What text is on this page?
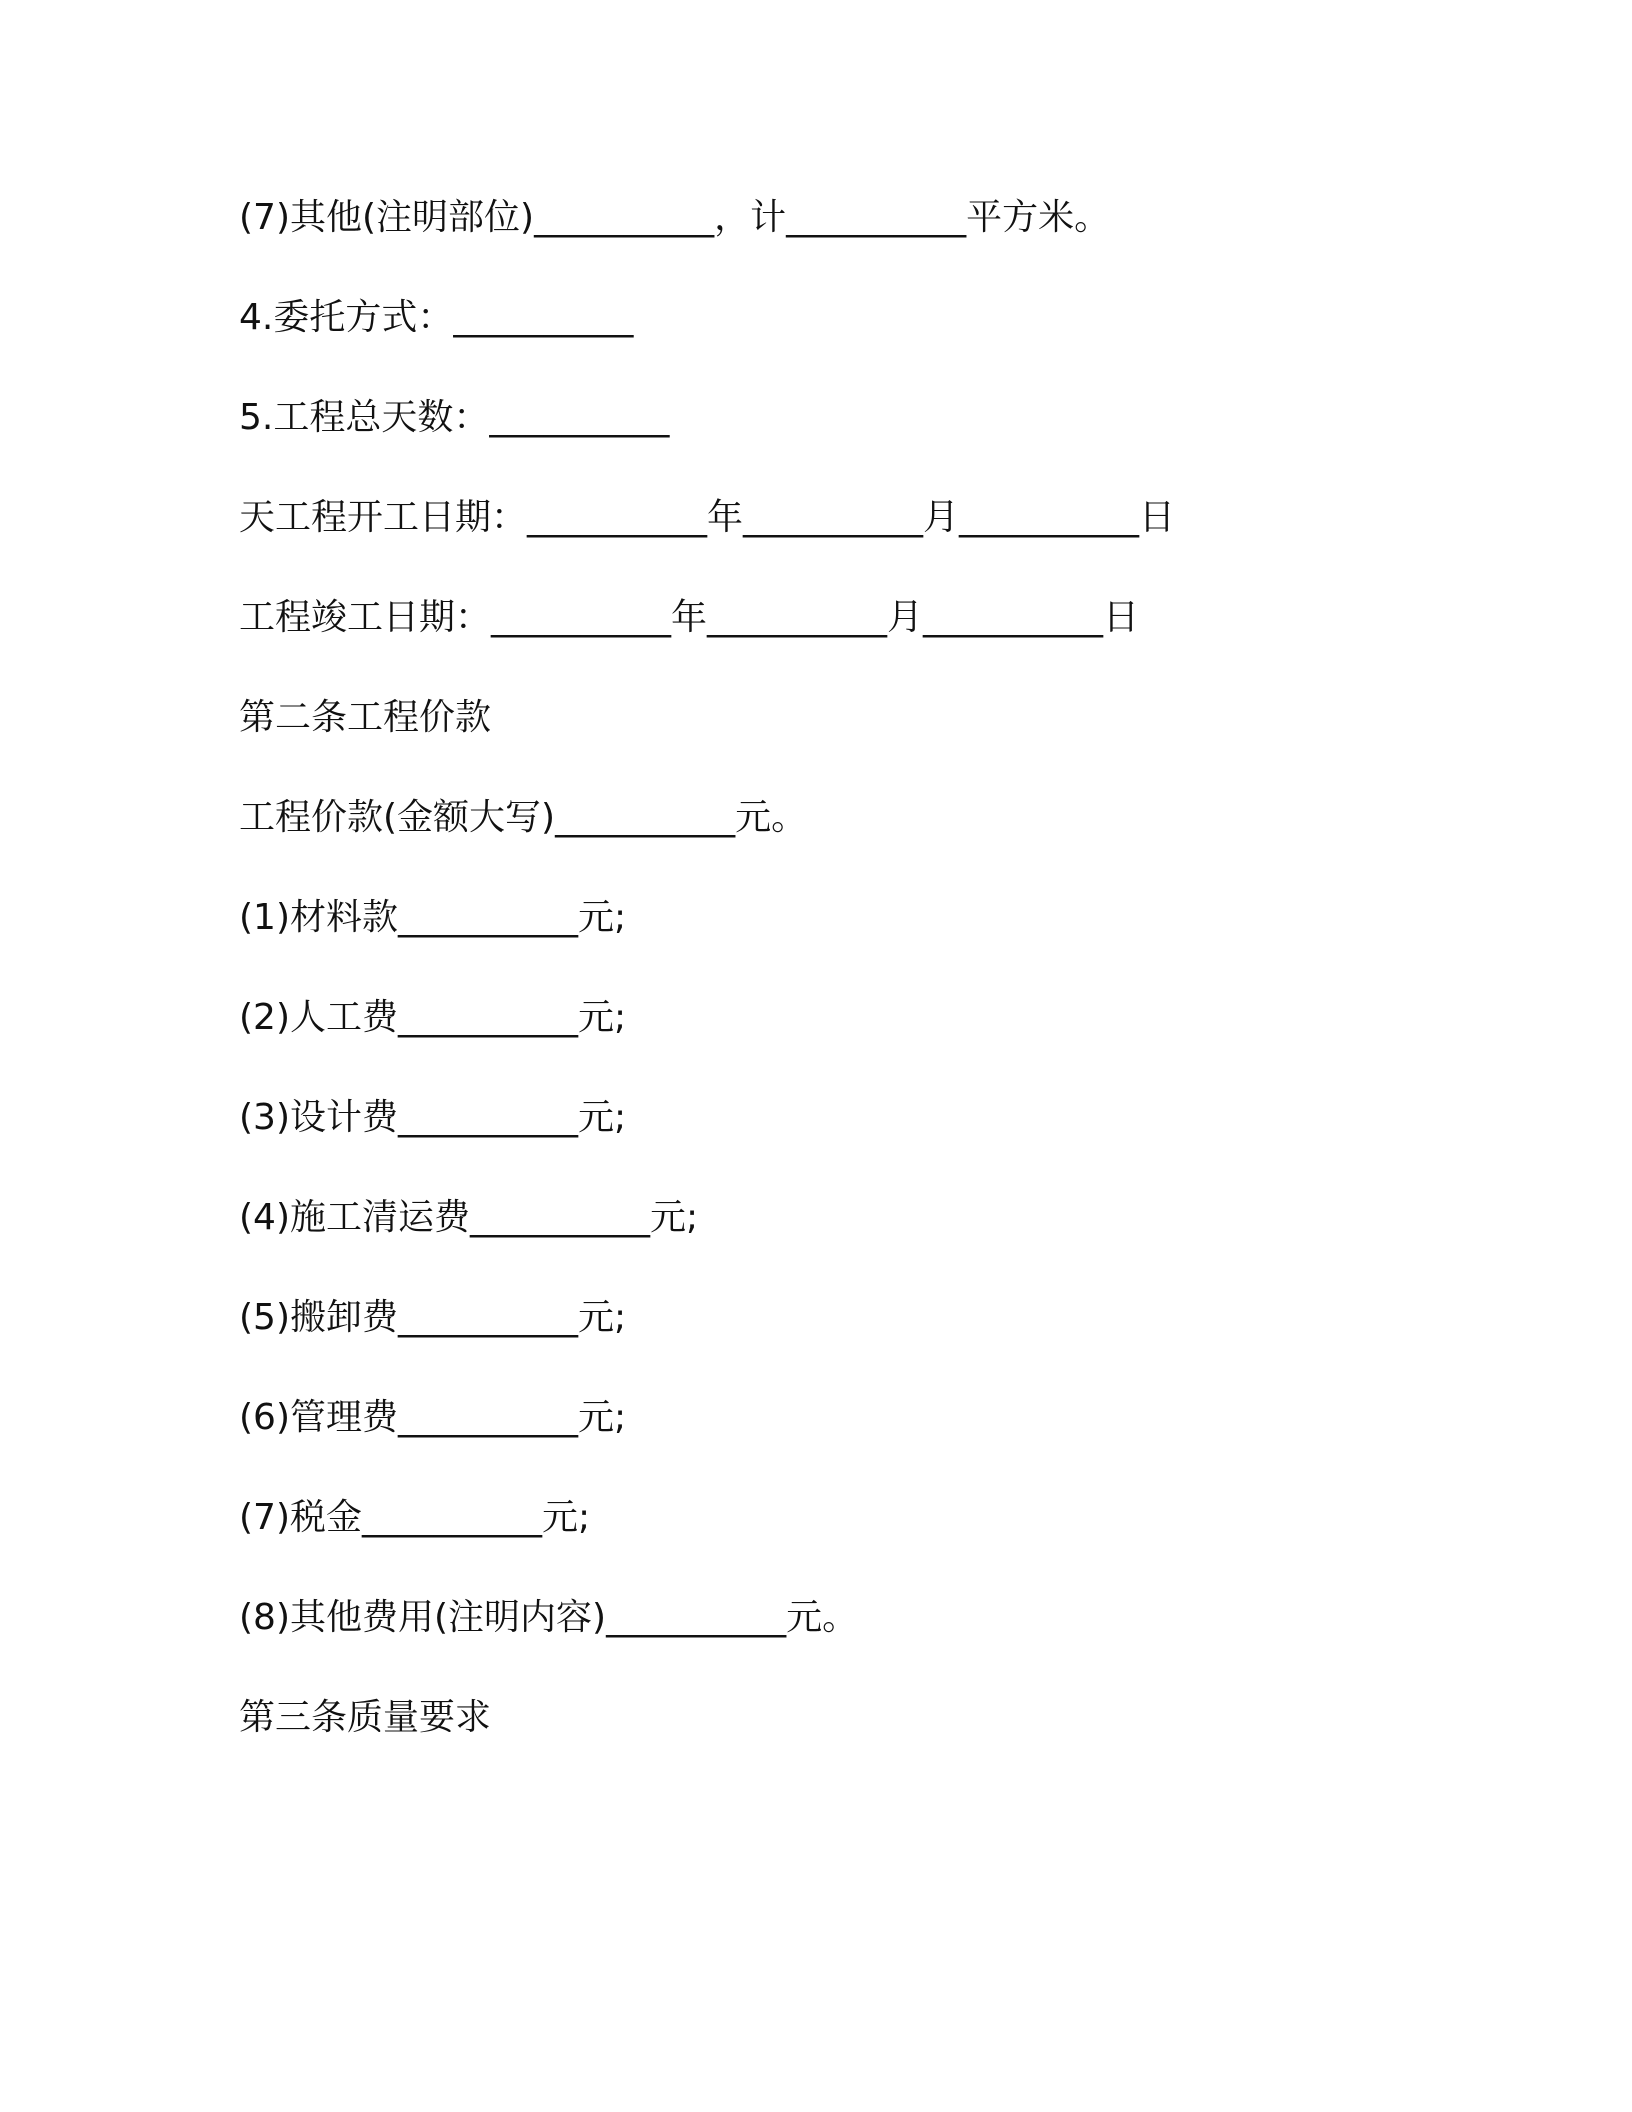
(7)其他(注明部位)__________，计__________平方米。
4.委托方式：__________
5.工程总天数：__________
天工程开工日期：__________年__________月__________日
工程竣工日期：__________年__________月__________日
第二条工程价款
工程价款(金额大写)__________元。
(1)材料款__________元;
(2)人工费__________元;
(3)设计费__________元;
(4)施工清运费__________元;
(5)搬卸费__________元;
(6)管理费__________元;
(7)税金__________元;
(8)其他费用(注明内容)__________元。
第三条质量要求
